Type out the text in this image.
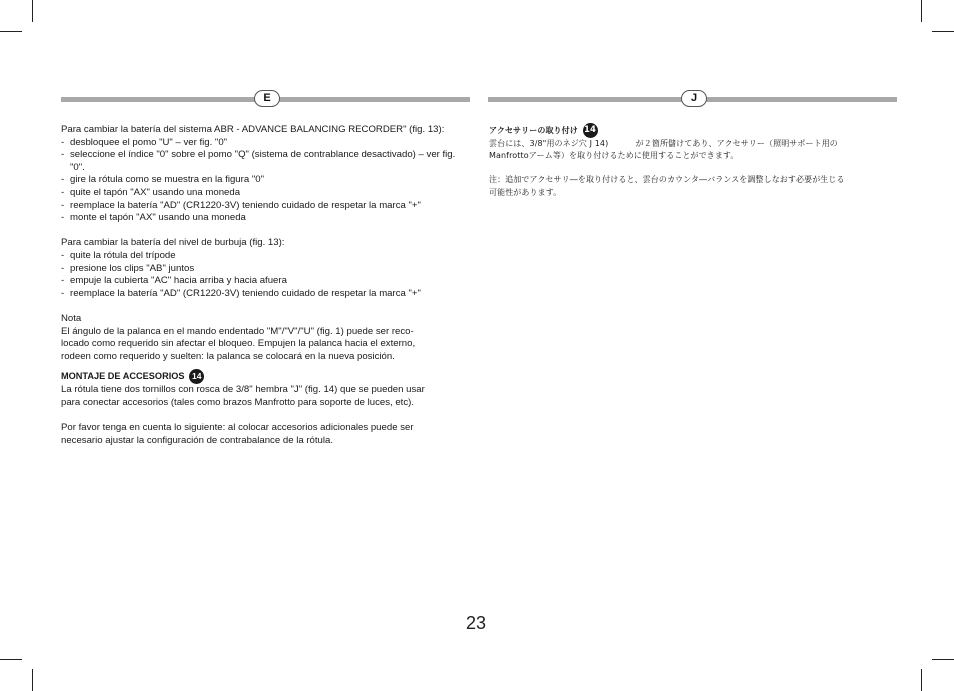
E	J

Para cambiar la batería del sistema ABR - ADVANCE BALANCING RECORDER" (fig. 13):

- desbloquee el pomo "U" – ver fig. "0"

- seleccione el índice "0" sobre el pomo "Q" (sistema de contrablance desactivado) – ver fig. "0".

- gire la rótula como se muestra en la figura "0"

- quite el tapón "AX" usando una moneda

- reemplace la batería "AD" (CR1220-3V) teniendo cuidado de respetar la marca "+"

- monte el tapón "AX" usando una moneda

Para cambiar la batería del nivel de burbuja (fig. 13):

- quite la rótula del trípode

- presione los clips "AB" juntos

- empuje la cubierta "AC" hacia arriba y hacia afuera

- reemplace la batería "AD" (CR1220-3V) teniendo cuidado de respetar la marca "+"

Nota

El ángulo de la palanca en el mando endentado "M"/"V"/"U" (fig. 1) puede ser reco-

locado como requerido sin afectar el bloqueo. Empujen la palanca hacia el externo,

rodeen como requerido y suelten: la palanca se colocará en la nueva posición.

MONTAJE DE ACCESORIOS 14

La rótula tiene dos tornillos con rosca de 3/8" hembra "J" (fig. 14) que se pueden usar

para conectar accesorios (tales como brazos Manfrotto para soporte de luces, etc).

Por favor tenga en cuenta lo siguiente: al colocar accesorios adicionales puede ser

necesario ajustar la configuración de contrabalance de la rótula.

アクセサリーの取り付け 14

雲台には、3/8"用のネジ穴 J 14)	が２箇所儲けてあり、アクセサリー（照明サポート用の

Manfrottoアーム等）を取り付けるために使用することができます。

注：追加でアクセサリ―を取り付けると、雲台のカウンタ―バランスを調整しなおす必要が生じる

可能性があります。

23
